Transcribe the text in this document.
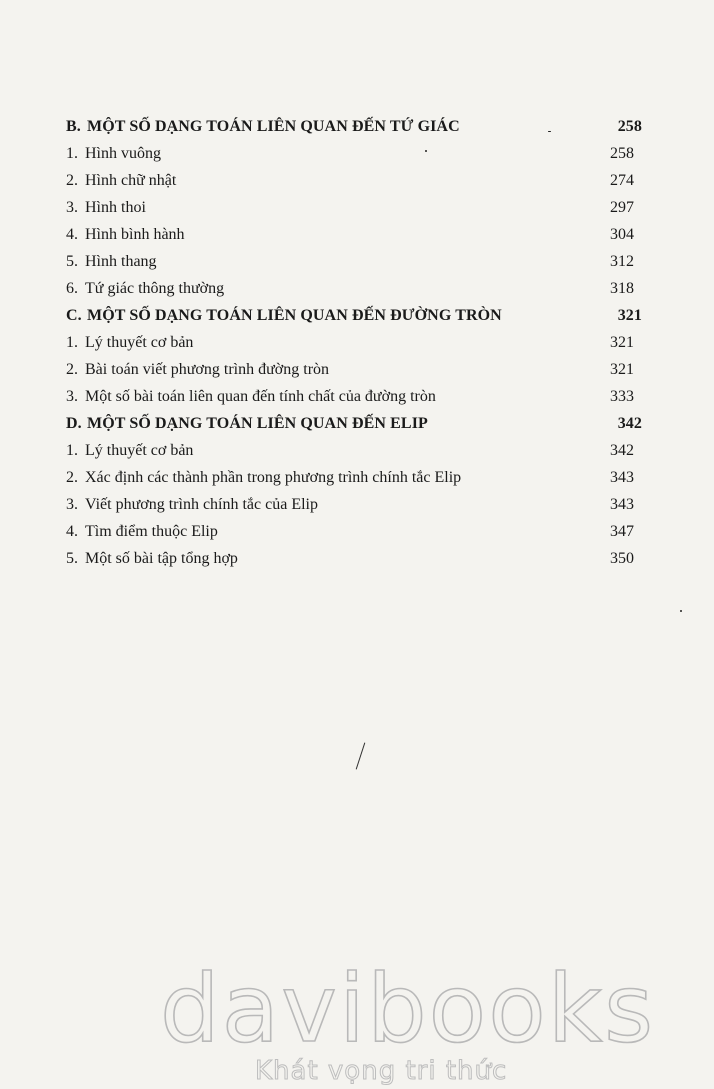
B. MỘT SỐ DẠNG TOÁN LIÊN QUAN ĐẾN TỨ GIÁC	258
1. Hình vuông	258
2. Hình chữ nhật	274
3. Hình thoi	297
4. Hình bình hành	304
5. Hình thang	312
6. Tứ giác thông thường	318
C. MỘT SỐ DẠNG TOÁN LIÊN QUAN ĐẾN ĐƯỜNG TRÒN	321
1. Lý thuyết cơ bản	321
2. Bài toán viết phương trình đường tròn	321
3. Một số bài toán liên quan đến tính chất của đường tròn	333
D. MỘT SỐ DẠNG TOÁN LIÊN QUAN ĐẾN ELIP	342
1. Lý thuyết cơ bản	342
2. Xác định các thành phần trong phương trình chính tắc Elip	343
3. Viết phương trình chính tắc của Elip	343
4. Tìm điểm thuộc Elip	347
5. Một số bài tập tổng hợp	350
davibooks
Khát vọng tri thức
